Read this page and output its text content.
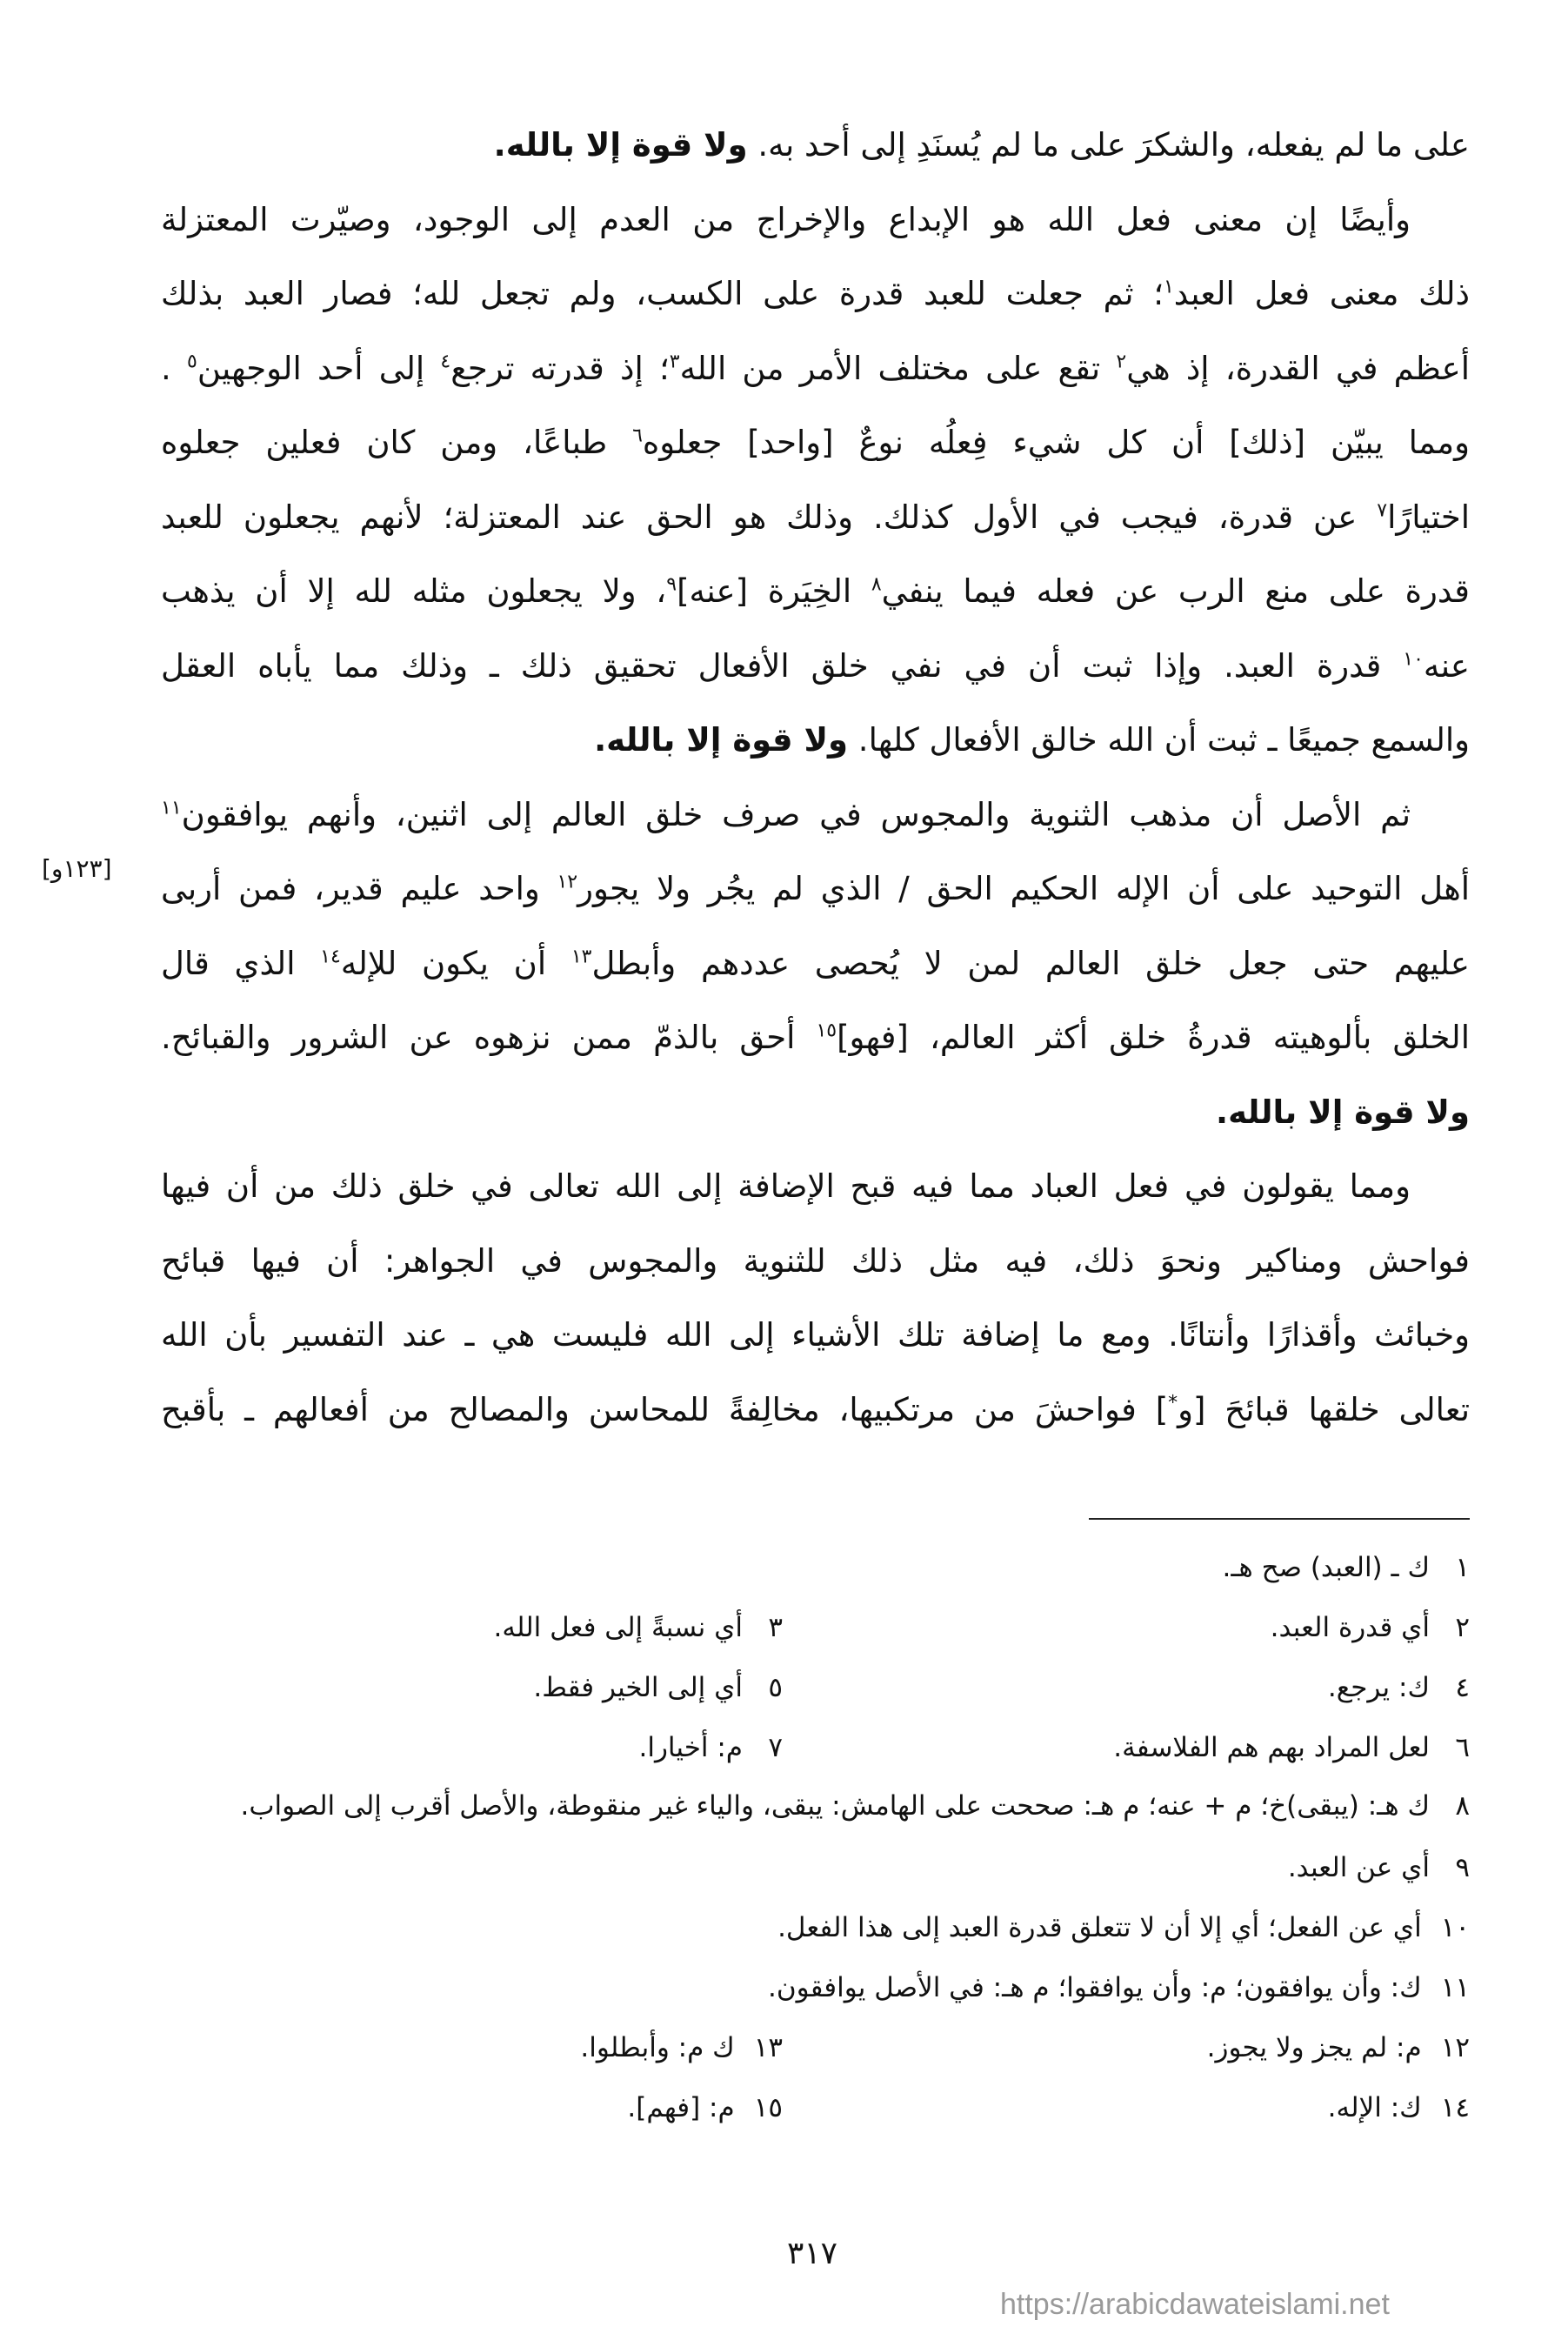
على ما لم يفعله، والشكرَ على ما لم يُسنَدِ إلى أحد به. ولا قوة إلا بالله.
وأيضًا إن معنى فعل الله هو الإبداع والإخراج من العدم إلى الوجود، وصيّرت المعتزلة
ذلك معنى فعل العبد$^١$؛ ثم جعلت للعبد قدرة على الكسب، ولم تجعل لله؛ فصار العبد بذلك
أعظم في القدرة، إذ هي$^٢$ تقع على مختلف الأمر من الله$^٣$؛ إذ قدرته ترجع$^٤$ إلى أحد الوجهين$^٥$ .
ومما يبيّن [ذلك] أن كل شيء فِعلُه نوعٌ [واحد] جعلوه$^٦$ طباعًا، ومن كان فعلين جعلوه
اختيارًا$^٧$ عن قدرة، فيجب في الأول كذلك. وذلك هو الحق عند المعتزلة؛ لأنهم يجعلون للعبد
قدرة على منع الرب عن فعله فيما ينفي$^٨$ الخِيَرة [عنه]$^٩$، ولا يجعلون مثله لله إلا أن يذهب
عنه$^{١٠}$ قدرة العبد. وإذا ثبت أن في نفي خلق الأفعال تحقيق ذلك ـ وذلك مما يأباه العقل
والسمع جميعًا ـ ثبت أن الله خالق الأفعال كلها. ولا قوة إلا بالله.
ثم الأصل أن مذهب الثنوية والمجوس في صرف خلق العالم إلى اثنين، وأنهم يوافقون$^{١١}$
أهل التوحيد على أن الإله الحكيم الحق / الذي لم يجُر ولا يجور$^{١٢}$ واحد عليم قدير، فمن أربى
عليهم حتى جعل خلق العالم لمن لا يُحصى عددهم وأبطل$^{١٣}$ أن يكون للإله$^{١٤}$ الذي قال
الخلق بألوهيته قدرةُ خلق أكثر العالم، [فهو]$^{١٥}$ أحق بالذمّ ممن نزهوه عن الشرور والقبائح.
ولا قوة إلا بالله.
ومما يقولون في فعل العباد مما فيه قبح الإضافة إلى الله تعالى في خلق ذلك من أن فيها
فواحش ومناكير ونحوَ ذلك، فيه مثل ذلك للثنوية والمجوس في الجواهر: أن فيها قبائح
وخبائث وأقذارًا وأنتانًا. ومع ما إضافة تلك الأشياء إلى الله فليست هي ـ عند التفسير بأن الله
تعالى خلقها قبائحَ [و*] فواحشَ من مرتكبيها، مخالِفةً للمحاسن والمصالح من أفعالهم ـ بأقبح
[١٢٣و]
١
ك ـ (العبد) صح هـ.
٢
أي قدرة العبد.
٣
أي نسبةً إلى فعل الله.
٤
ك: يرجع.
٥
أي إلى الخير فقط.
٦
لعل المراد بهم هم الفلاسفة.
٧
م: أخيارا.
٨
ك هـ: (يبقى)خ؛ م + عنه؛ م هـ: صححت على الهامش: يبقى، والياء غير منقوطة، والأصل أقرب إلى الصواب.
٩
أي عن العبد.
١٠
أي عن الفعل؛ أي إلا أن لا تتعلق قدرة العبد إلى هذا الفعل.
١١
ك: وأن يوافقون؛ م: وأن يوافقوا؛ م هـ: في الأصل يوافقون.
١٢
م: لم يجز ولا يجوز.
١٣
ك م: وأبطلوا.
١٤
ك: الإله.
١٥
م: [فهم].
٣١٧
https://arabicdawateislami.net
